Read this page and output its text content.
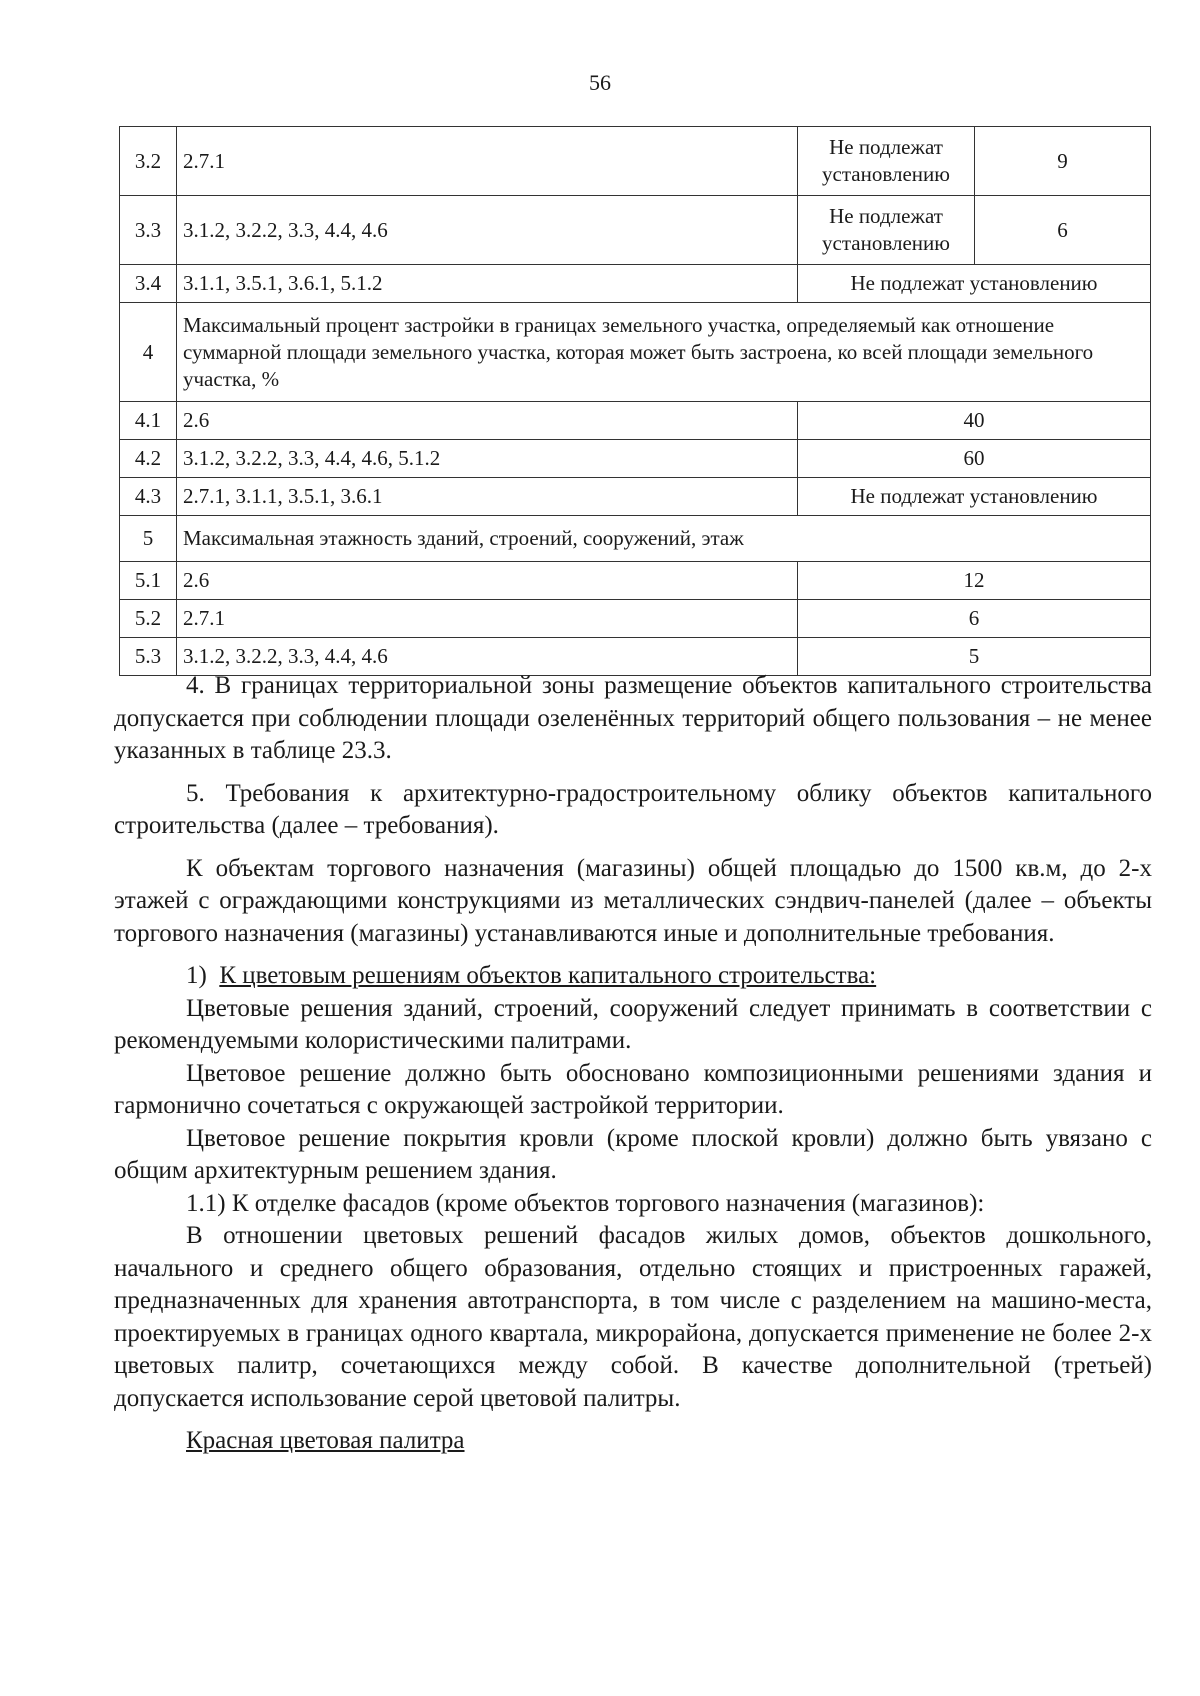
56
3.2	2.7.1	Не подлежат установлению	9
3.3	3.1.2, 3.2.2, 3.3, 4.4, 4.6	Не подлежат установлению	6
3.4	3.1.1, 3.5.1, 3.6.1, 5.1.2	Не подлежат установлению	
4	Максимальный процент застройки в границах земельного участка, определяемый как отношение суммарной площади земельного участка, которая может быть застроена, ко всей площади земельного участка, %		
4.1	2.6	40	
4.2	3.1.2, 3.2.2, 3.3, 4.4, 4.6, 5.1.2	60	
4.3	2.7.1, 3.1.1, 3.5.1, 3.6.1	Не подлежат установлению	
5	Максимальная этажность зданий, строений, сооружений, этаж		
5.1	2.6	12	
5.2	2.7.1	6	
5.3	3.1.2, 3.2.2, 3.3, 4.4, 4.6	5	

4. В границах территориальной зоны размещение объектов капитального строительства допускается при соблюдении площади озеленённых территорий общего пользования – не менее указанных в таблице 23.3.

5. Требования к архитектурно-градостроительному облику объектов капитального строительства (далее – требования).

К объектам торгового назначения (магазины) общей площадью до 1500 кв.м, до 2-х этажей с ограждающими конструкциями из металлических сэндвич-панелей (далее – объекты торгового назначения (магазины) устанавливаются иные и дополнительные требования.

1) К цветовым решениям объектов капитального строительства:

Цветовые решения зданий, строений, сооружений следует принимать в соответствии с рекомендуемыми колористическими палитрами.

Цветовое решение должно быть обосновано композиционными решениями здания и гармонично сочетаться с окружающей застройкой территории.

Цветовое решение покрытия кровли (кроме плоской кровли) должно быть увязано с общим архитектурным решением здания.

1.1) К отделке фасадов (кроме объектов торгового назначения (магазинов):

В отношении цветовых решений фасадов жилых домов, объектов дошкольного, начального и среднего общего образования, отдельно стоящих и пристроенных гаражей, предназначенных для хранения автотранспорта, в том числе с разделением на машино-места, проектируемых в границах одного квартала, микрорайона, допускается применение не более 2-х цветовых палитр, сочетающихся между собой. В качестве дополнительной (третьей) допускается использование серой цветовой палитры.

Красная цветовая палитра
